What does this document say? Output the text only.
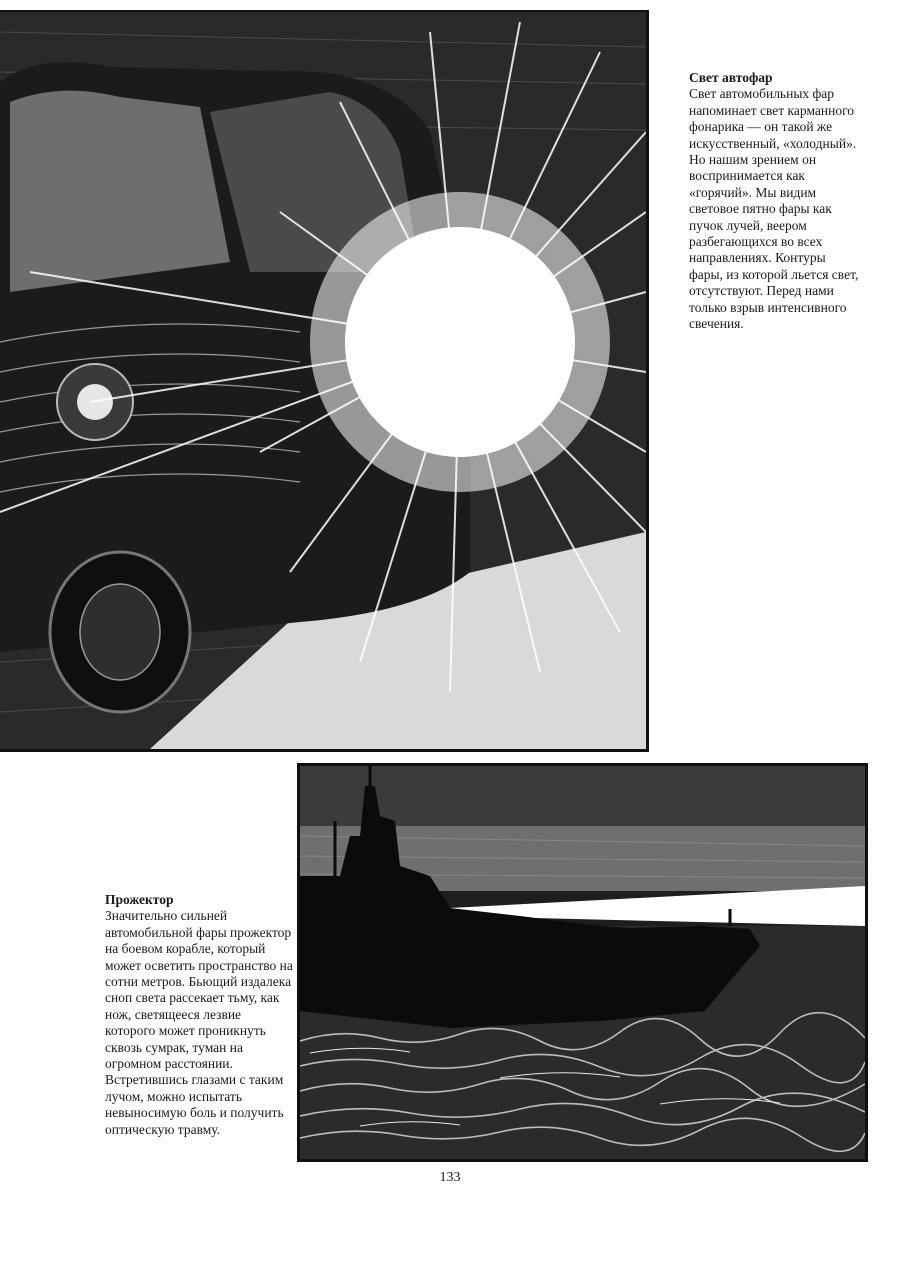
Свет автофар
Свет автомобильных фар напоминает свет карманного фонарика — он такой же искусственный, «холодный». Но нашим зрением он воспринимается как «горячий». Мы видим световое пятно фары как пучок лучей, веером разбегающихся во всех направлениях. Контуры фары, из которой льется свет, отсутствуют. Перед нами только взрыв интенсивного свечения.
Прожектор
Значительно сильней автомобильной фары прожектор на боевом корабле, который может осветить пространство на сотни метров. Бьющий издалека сноп света рассекает тьму, как нож, светящееся лезвие которого может проникнуть сквозь сумрак, туман на огромном расстоянии. Встретившись глазами с таким лучом, можно испытать невыносимую боль и получить оптическую травму.
133
